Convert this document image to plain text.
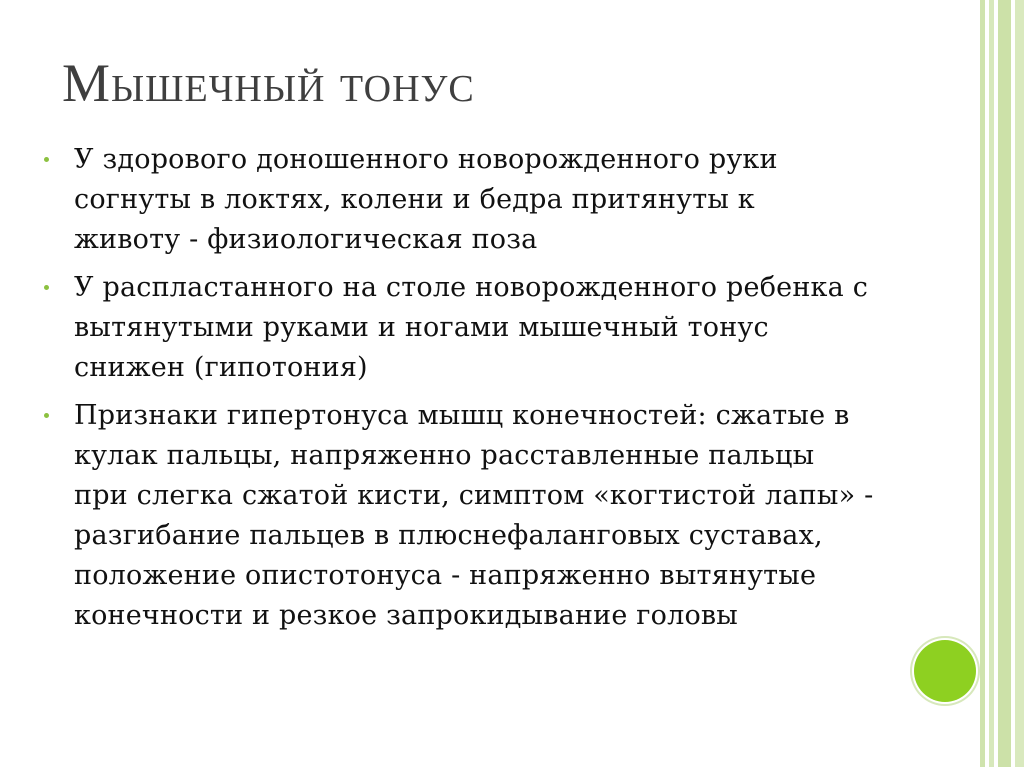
Мышечный тонус
У здорового доношенного новорожденного руки
согнуты в локтях, колени и бедра притянуты к
животу - физиологическая поза
У распластанного на столе новорожденного ребенка с
вытянутыми руками и ногами мышечный тонус
снижен (гипотония)
Признаки гипертонуса мышц конечностей: сжатые в
кулак пальцы, напряженно расставленные пальцы
при слегка сжатой кисти, симптом «когтистой лапы» -
разгибание пальцев в плюснефаланговых суставах,
положение опистотонуса - напряженно вытянутые
конечности и резкое запрокидывание головы
